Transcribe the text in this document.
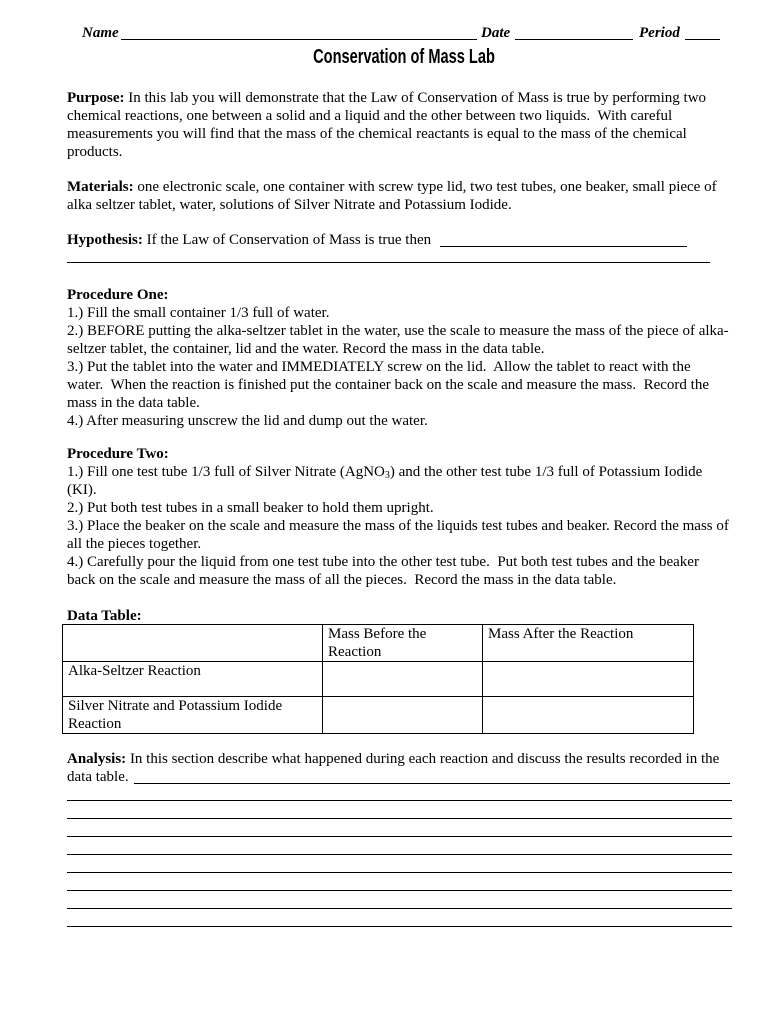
Name	Date	Period
Conservation of Mass Lab
Purpose: In this lab you will demonstrate that the Law of Conservation of Mass is true by performing two
chemical reactions, one between a solid and a liquid and the other between two liquids.  With careful
measurements you will find that the mass of the chemical reactants is equal to the mass of the chemical
products.
Materials: one electronic scale, one container with screw type lid, two test tubes, one beaker, small piece of
alka seltzer tablet, water, solutions of Silver Nitrate and Potassium Iodide.
Hypothesis: If the Law of Conservation of Mass is true then
Procedure One:
1.) Fill the small container 1/3 full of water.
2.) BEFORE putting the alka-seltzer tablet in the water, use the scale to measure the mass of the piece of alka-
seltzer tablet, the container, lid and the water. Record the mass in the data table.
3.) Put the tablet into the water and IMMEDIATELY screw on the lid.  Allow the tablet to react with the
water.  When the reaction is finished put the container back on the scale and measure the mass.  Record the
mass in the data table.
4.) After measuring unscrew the lid and dump out the water.
Procedure Two:
1.) Fill one test tube 1/3 full of Silver Nitrate (AgNO$_3$) and the other test tube 1/3 full of Potassium Iodide
(KI).
2.) Put both test tubes in a small beaker to hold them upright.
3.) Place the beaker on the scale and measure the mass of the liquids test tubes and beaker. Record the mass of
all the pieces together.
4.) Carefully pour the liquid from one test tube into the other test tube.  Put both test tubes and the beaker
back on the scale and measure the mass of all the pieces.  Record the mass in the data table.
Data Table:

	Mass Before the Reaction	Mass After the Reaction
Alka-Seltzer Reaction		
Silver Nitrate and Potassium Iodide Reaction		
Analysis: In this section describe what happened during each reaction and discuss the results recorded in the
data table.
